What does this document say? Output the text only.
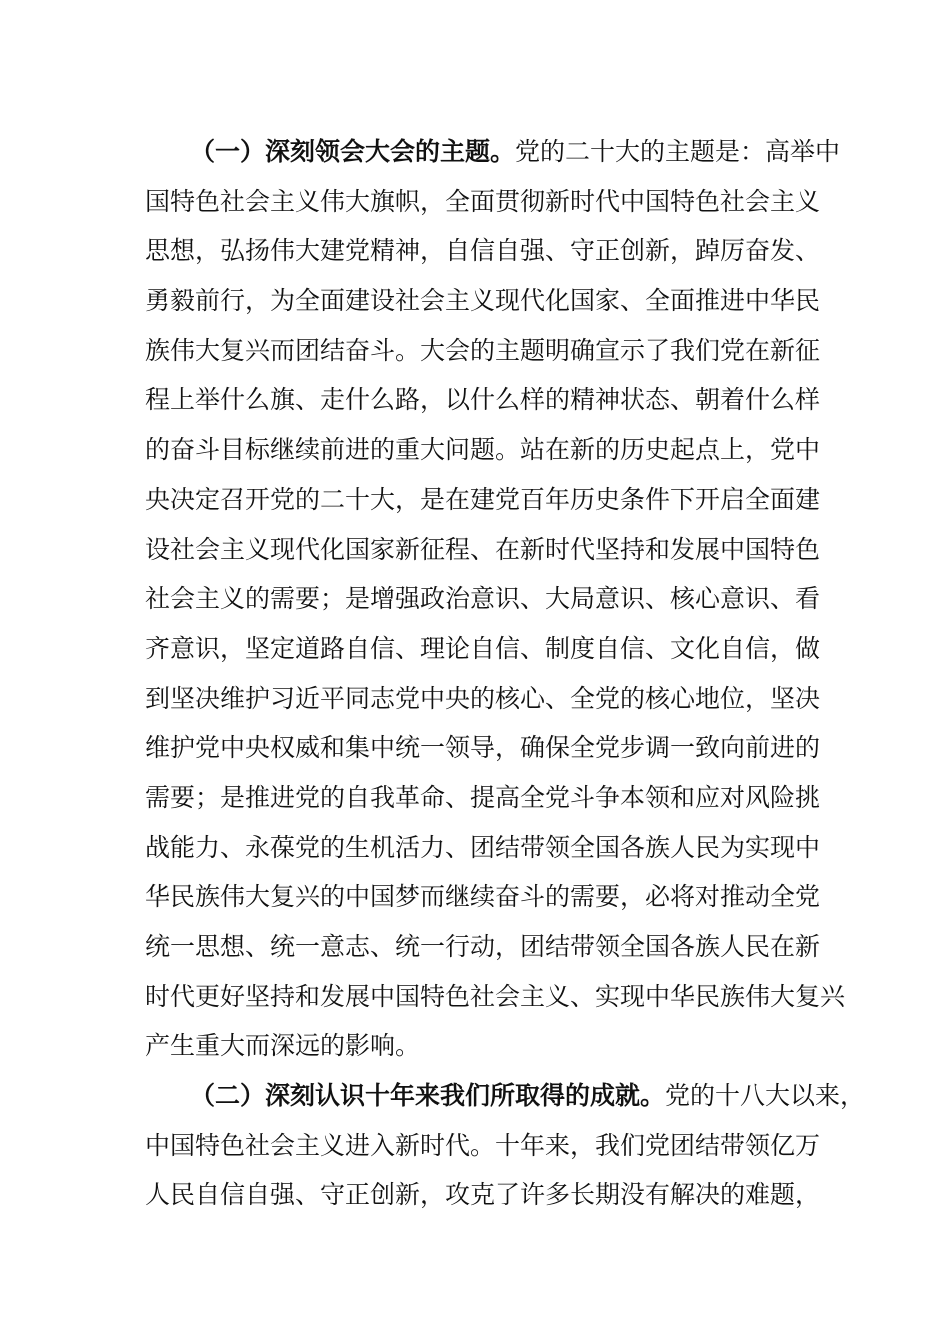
（一）深刻领会大会的主题。党的二十大的主题是：高举中
国特色社会主义伟大旗帜，全面贯彻新时代中国特色社会主义
思想，弘扬伟大建党精神，自信自强、守正创新，踔厉奋发、
勇毅前行，为全面建设社会主义现代化国家、全面推进中华民
族伟大复兴而团结奋斗。大会的主题明确宣示了我们党在新征
程上举什么旗、走什么路，以什么样的精神状态、朝着什么样
的奋斗目标继续前进的重大问题。站在新的历史起点上，党中
央决定召开党的二十大，是在建党百年历史条件下开启全面建
设社会主义现代化国家新征程、在新时代坚持和发展中国特色
社会主义的需要；是增强政治意识、大局意识、核心意识、看
齐意识，坚定道路自信、理论自信、制度自信、文化自信，做
到坚决维护习近平同志党中央的核心、全党的核心地位，坚决
维护党中央权威和集中统一领导，确保全党步调一致向前进的
需要；是推进党的自我革命、提高全党斗争本领和应对风险挑
战能力、永葆党的生机活力、团结带领全国各族人民为实现中
华民族伟大复兴的中国梦而继续奋斗的需要，必将对推动全党
统一思想、统一意志、统一行动，团结带领全国各族人民在新
时代更好坚持和发展中国特色社会主义、实现中华民族伟大复兴
产生重大而深远的影响。
（二）深刻认识十年来我们所取得的成就。党的十八大以来，
中国特色社会主义进入新时代。十年来，我们党团结带领亿万
人民自信自强、守正创新，攻克了许多长期没有解决的难题，
